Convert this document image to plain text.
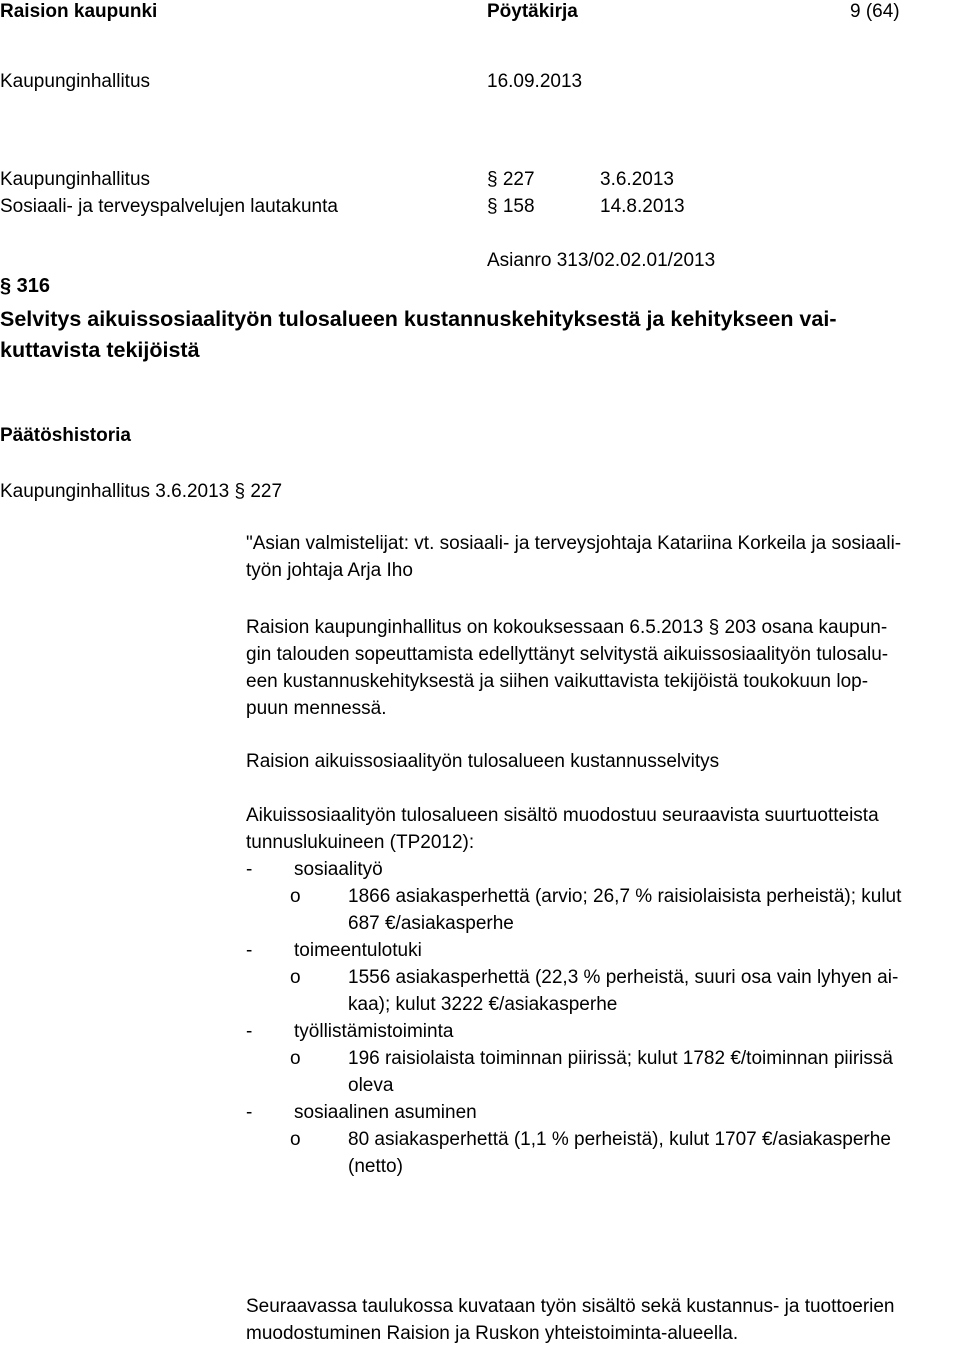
Raision kaupunki	Pöytäkirja	9 (64)
Kaupunginhallitus	16.09.2013
Kaupunginhallitus	§ 227	3.6.2013
Sosiaali- ja terveyspalvelujen lautakunta	§ 158	14.8.2013
Asianro 313/02.02.01/2013
§ 316
Selvitys aikuissosiaalityön tulosalueen kustannuskehityksestä ja kehitykseen vai-
kuttavista tekijöistä
Päätöshistoria
Kaupunginhallitus 3.6.2013 § 227

"Asian valmistelijat: vt. sosiaali- ja terveysjohtaja Katariina Korkeila ja sosiaali-

työn johtaja Arja Iho

Raision kaupunginhallitus on kokouksessaan 6.5.2013 § 203 osana kaupun-

gin talouden sopeuttamista edellyttänyt selvitystä aikuissosiaalityön tulosalu-

een kustannuskehityksestä ja siihen vaikuttavista tekijöistä toukokuun lop-

puun mennessä.

Raision aikuissosiaalityön tulosalueen kustannusselvitys

Aikuissosiaalityön tulosalueen sisältö muodostuu seuraavista suurtuotteista

tunnuslukuineen (TP2012):

- sosiaalityö
o 1866 asiakasperhettä (arvio; 26,7 % raisiolaisista perheistä); kulut
687 €/asiakasperhe
- toimeentulotuki
o 1556 asiakasperhettä (22,3 % perheistä, suuri osa vain lyhyen ai-
kaa); kulut 3222 €/asiakasperhe
- työllistämistoiminta
o 196 raisiolaista toiminnan piirissä; kulut 1782 €/toiminnan piirissä
oleva
- sosiaalinen asuminen
o 80 asiakasperhettä (1,1 % perheistä), kulut 1707 €/asiakasperhe
(netto)

Seuraavassa taulukossa kuvataan työn sisältö sekä kustannus- ja tuottoerien

muodostuminen Raision ja Ruskon yhteistoiminta-alueella.
